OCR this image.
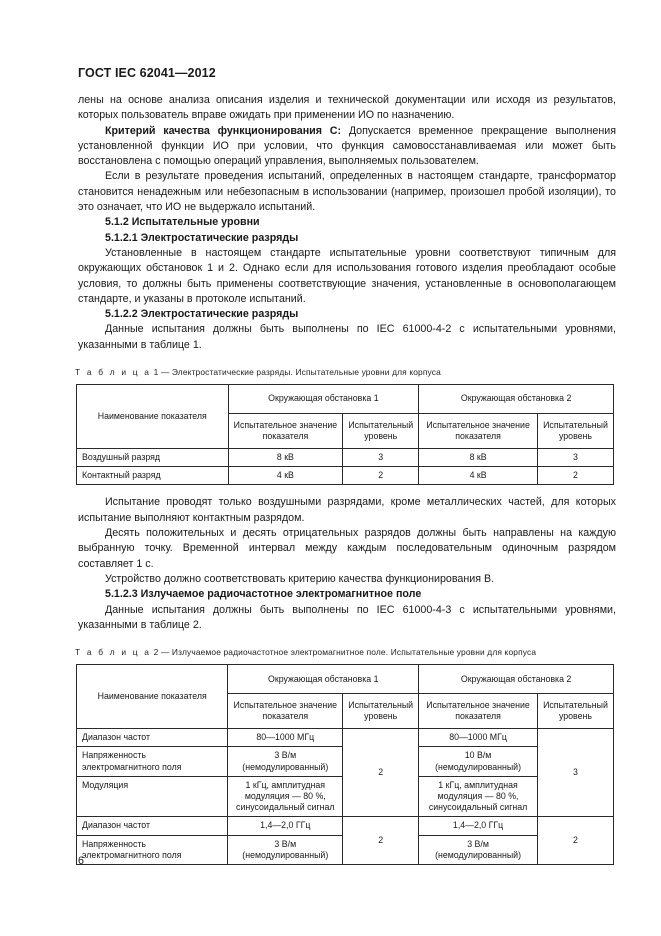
ГОСТ IEC 62041—2012

лены на основе анализа описания изделия и технической документации или исходя из результатов, которых пользователь вправе ожидать при применении ИО по назначению.

Критерий качества функционирования С: Допускается временное прекращение выполнения установленной функции ИО при условии, что функция самовосстанавливаемая или может быть восстановлена с помощью операций управления, выполняемых пользователем.

Если в результате проведения испытаний, определенных в настоящем стандарте, трансформатор становится ненадежным или небезопасным в использовании (например, произошел пробой изоляции), то это означает, что ИО не выдержало испытаний.

5.1.2 Испытательные уровни
5.1.2.1 Электростатические разряды

Установленные в настоящем стандарте испытательные уровни соответствуют типичным для окружающих обстановок 1 и 2. Однако если для использования готового изделия преобладают особые условия, то должны быть применены соответствующие значения, установленные в основополагающем стандарте, и указаны в протоколе испытаний.

5.1.2.2 Электростатические разряды

Данные испытания должны быть выполнены по IEC 61000-4-2 с испытательными уровнями, указанными в таблице 1.

Т а б л и ц а 1 — Электростатические разряды. Испытательные уровни для корпуса
Наименование показателя	Окружающая обстановка 1		Окружающая обстановка 2	
	Испытательное значение показателя	Испытательный уровень	Испытательное значение показателя	Испытательный уровень
Воздушный разряд	8 кВ	3	8 кВ	3
Контактный разряд	4 кВ	2	4 кВ	2

Испытание проводят только воздушными разрядами, кроме металлических частей, для которых испытание выполняют контактным разрядом.

Десять положительных и десять отрицательных разрядов должны быть направлены на каждую выбранную точку. Временной интервал между каждым последовательным одиночным разрядом составляет 1 с.

Устройство должно соответствовать критерию качества функционирования В.

5.1.2.3 Излучаемое радиочастотное электромагнитное поле

Данные испытания должны быть выполнены по IEC 61000-4-3 с испытательными уровнями, указанными в таблице 2.

Т а б л и ц а 2 — Излучаемое радиочастотное электромагнитное поле. Испытательные уровни для корпуса
Наименование показателя	Окружающая обстановка 1		Окружающая обстановка 2	
	Испытательное значение показателя	Испытательный уровень	Испытательное значение показателя	Испытательный уровень
Диапазон частот	80—1000 МГц	2	80—1000 МГц	3
Напряженность электромагнитного поля	3 В/м (немодулированный)		10 В/м (немодулированный)	
Модуляция	1 кГц, амплитудная модуляция — 80 %, синусоидальный сигнал		1 кГц, амплитудная модуляция — 80 %, синусоидальный сигнал	
Диапазон частот	1,4—2,0 ГГц	2	1,4—2,0 ГГц	2
Напряженность электромагнитного поля	3 В/м (немодулированный)		3 В/м (немодулированный)	
6
